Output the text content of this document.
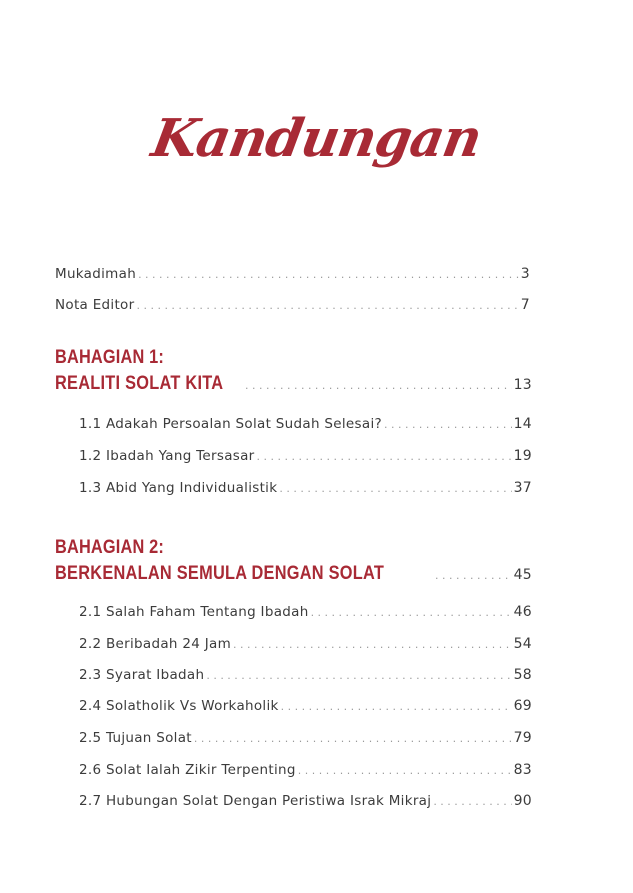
Kandungan
Mukadimah . . .	3
Nota Editor . . .	7
BAHAGIAN 1:
REALITI SOLAT KITA . . .	13
1.1 Adakah Persoalan Solat Sudah Selesai? . . .	14
1.2 Ibadah Yang Tersasar . . .	19
1.3 Abid Yang Individualistik . . .	37
BAHAGIAN 2:
BERKENALAN SEMULA DENGAN SOLAT . . .	45
2.1 Salah Faham Tentang Ibadah . . .	46
2.2 Beribadah 24 Jam . . .	54
2.3 Syarat Ibadah . . .	58
2.4 Solatholik Vs Workaholik . . .	69
2.5 Tujuan Solat . . .	79
2.6 Solat Ialah Zikir Terpenting . . .	83
2.7 Hubungan Solat Dengan Peristiwa Israk Mikraj . . .	90
